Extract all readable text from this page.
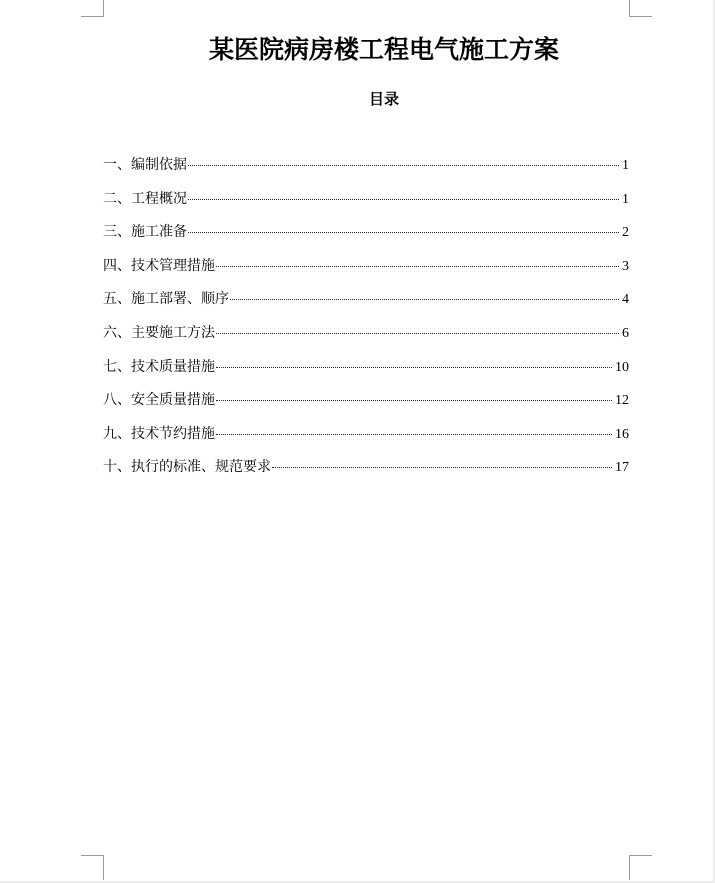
某医院病房楼工程电气施工方案
目录
一、编制依据	1
二、工程概况	1
三、施工准备	2
四、技术管理措施	3
五、施工部署、顺序	4
六、主要施工方法	6
七、技术质量措施	10
八、安全质量措施	12
九、技术节约措施	16
十、执行的标准、规范要求	17
